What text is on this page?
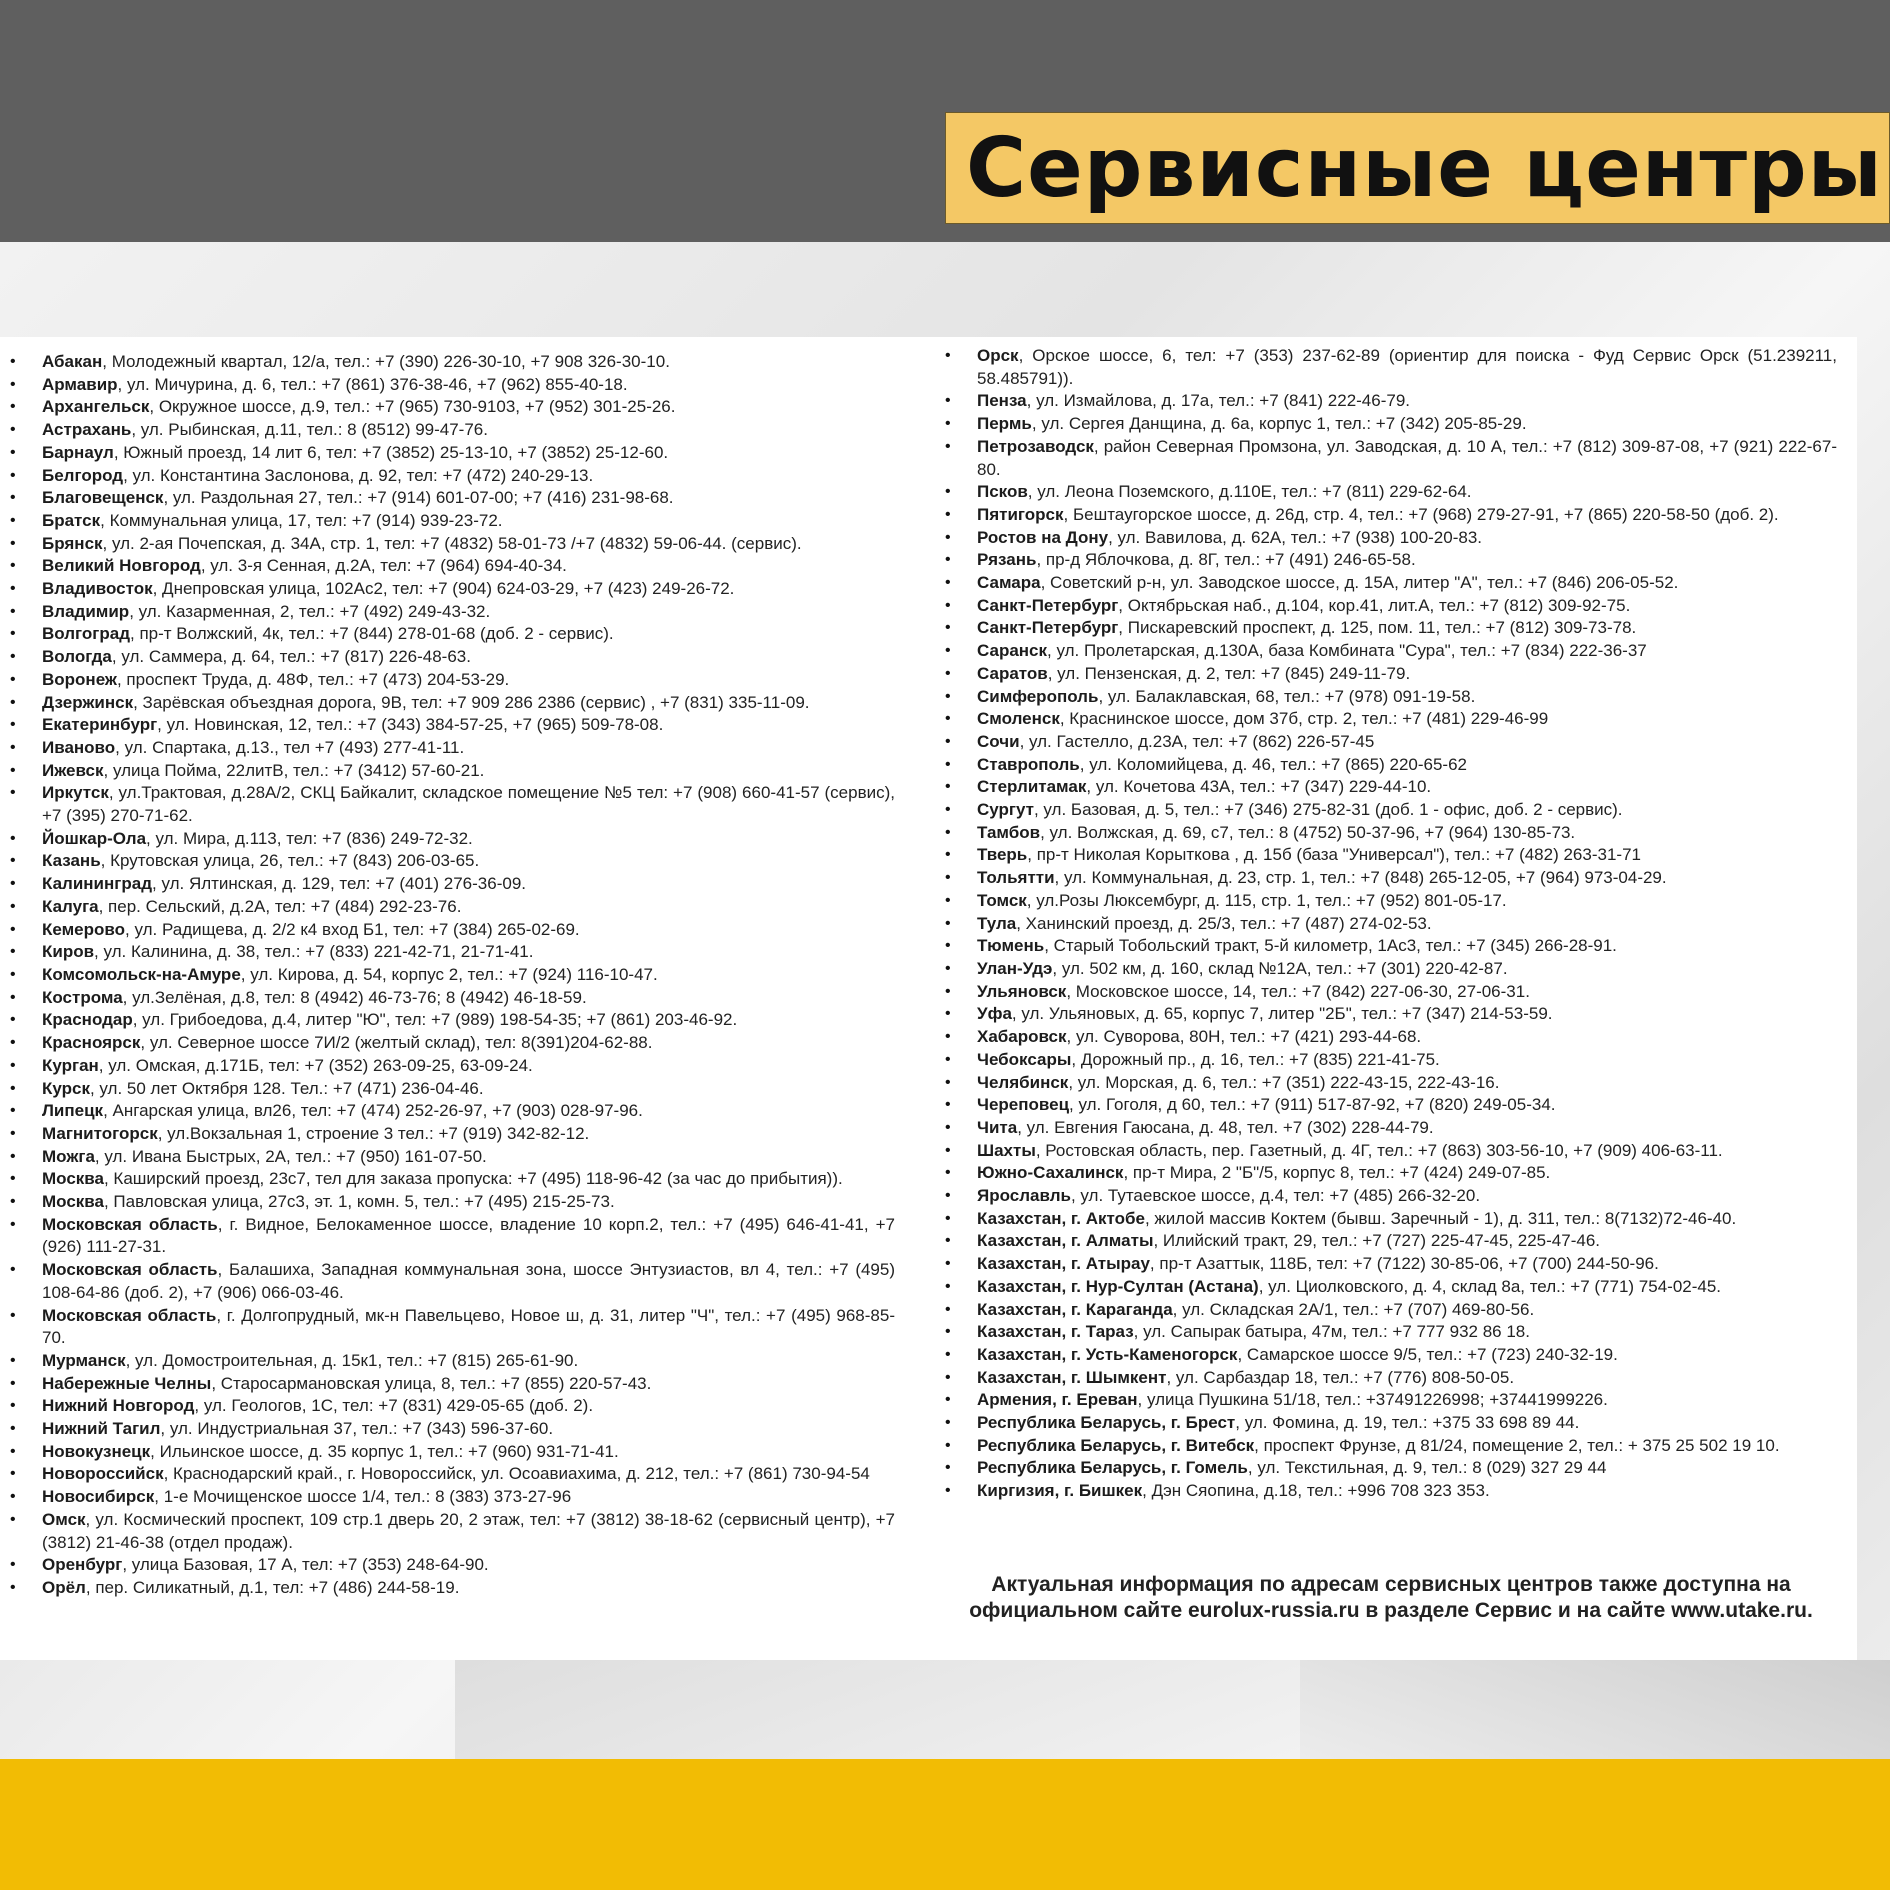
Сервисные центры
• Абакан, Молодежный квартал, 12/а, тел.: +7 (390) 226-30-10, +7 908 326-30-10.
• Армавир, ул. Мичурина, д. 6, тел.: +7 (861) 376-38-46, +7 (962) 855-40-18.
• Архангельск, Окружное шоссе, д.9, тел.: +7 (965) 730-9103, +7 (952) 301-25-26.
• Астрахань, ул. Рыбинская, д.11, тел.: 8 (8512) 99-47-76.
• Барнаул, Южный проезд, 14 лит 6, тел: +7 (3852) 25-13-10, +7 (3852) 25-12-60.
• Белгород, ул. Константина Заслонова, д. 92, тел: +7 (472) 240-29-13.
• Благовещенск, ул. Раздольная 27, тел.: +7 (914) 601-07-00; +7 (416) 231-98-68.
• Братск, Коммунальная улица, 17, тел: +7 (914) 939-23-72.
• Брянск, ул. 2-ая Почепская, д. 34А, стр. 1, тел: +7 (4832) 58-01-73 /+7 (4832) 59-06-44. (сервис).
• Великий Новгород, ул. 3-я Сенная, д.2А, тел: +7 (964) 694-40-34.
• Владивосток, Днепровская улица, 102Ас2, тел: +7 (904) 624-03-29, +7 (423) 249-26-72.
• Владимир, ул. Казарменная, 2, тел.: +7 (492) 249-43-32.
• Волгоград, пр-т Волжский, 4к, тел.: +7 (844) 278-01-68 (доб. 2 - сервис).
• Вологда, ул. Саммера, д. 64, тел.: +7 (817) 226-48-63.
• Воронеж, проспект Труда, д. 48Ф, тел.: +7 (473) 204-53-29.
• Дзержинск, Зарёвская объездная дорога, 9В, тел: +7 909 286 2386 (сервис) , +7 (831) 335-11-09.
• Екатеринбург, ул. Новинская, 12, тел.: +7 (343) 384-57-25, +7 (965) 509-78-08.
• Иваново, ул. Спартака, д.13., тел +7 (493) 277-41-11.
• Ижевск, улица Пойма, 22литВ, тел.: +7 (3412) 57-60-21.
• Иркутск, ул.Трактовая, д.28А/2, СКЦ Байкалит, складское помещение №5 тел: +7 (908) 660-41-57 (сервис), +7 (395) 270-71-62.
• Йошкар-Ола, ул. Мира, д.113, тел: +7 (836) 249-72-32.
• Казань, Крутовская улица, 26, тел.: +7 (843) 206-03-65.
• Калининград, ул. Ялтинская, д. 129, тел: +7 (401) 276-36-09.
• Калуга, пер. Сельский, д.2А, тел: +7 (484) 292-23-76.
• Кемерово, ул. Радищева, д. 2/2 к4 вход Б1, тел: +7 (384) 265-02-69.
• Киров, ул. Калинина, д. 38, тел.: +7 (833) 221-42-71, 21-71-41.
• Комсомольск-на-Амуре, ул. Кирова, д. 54, корпус 2, тел.: +7 (924) 116-10-47.
• Кострома, ул.Зелёная, д.8, тел: 8 (4942) 46-73-76; 8 (4942) 46-18-59.
• Краснодар, ул. Грибоедова, д.4, литер "Ю", тел: +7 (989) 198-54-35; +7 (861) 203-46-92.
• Красноярск, ул. Северное шоссе 7И/2 (желтый склад), тел: 8(391)204-62-88.
• Курган, ул. Омская, д.171Б, тел: +7 (352) 263-09-25, 63-09-24.
• Курск, ул. 50 лет Октября 128. Тел.: +7 (471) 236-04-46.
• Липецк, Ангарская улица, вл26, тел: +7 (474) 252-26-97, +7 (903) 028-97-96.
• Магнитогорск, ул.Вокзальная 1, строение 3 тел.: +7 (919) 342-82-12.
• Можга, ул. Ивана Быстрых, 2А, тел.: +7 (950) 161-07-50.
• Москва, Каширский проезд, 23с7, тел для заказа пропуска: +7 (495) 118-96-42 (за час до прибытия)).
• Москва, Павловская улица, 27с3, эт. 1, комн. 5, тел.: +7 (495) 215-25-73.
• Московская область, г. Видное, Белокаменное шоссе, владение 10 корп.2, тел.: +7 (495) 646-41-41, +7 (926) 111-27-31.
• Московская область, Балашиха, Западная коммунальная зона, шоссе Энтузиастов, вл 4, тел.: +7 (495) 108-64-86 (доб. 2), +7 (906) 066-03-46.
• Московская область, г. Долгопрудный, мк-н Павельцево, Новое ш, д. 31, литер "Ч", тел.: +7 (495) 968-85-70.
• Мурманск, ул. Домостроительная, д. 15к1, тел.: +7 (815) 265-61-90.
• Набережные Челны, Старосармановская улица, 8, тел.: +7 (855) 220-57-43.
• Нижний Новгород, ул. Геологов, 1С, тел: +7 (831) 429-05-65 (доб. 2).
• Нижний Тагил, ул. Индустриальная 37, тел.: +7 (343) 596-37-60.
• Новокузнецк, Ильинское шоссе, д. 35 корпус 1, тел.: +7 (960) 931-71-41.
• Новороссийск, Краснодарский край., г. Новороссийск, ул. Осоавиахима, д. 212, тел.: +7 (861) 730-94-54
• Новосибирск, 1-е Мочищенское шоссе 1/4, тел.: 8 (383) 373-27-96
• Омск, ул. Космический проспект, 109 стр.1 дверь 20, 2 этаж, тел: +7 (3812) 38-18-62 (сервисный центр), +7 (3812) 21-46-38 (отдел продаж).
• Оренбург, улица Базовая, 17 А, тел: +7 (353) 248-64-90.
• Орёл, пер. Силикатный, д.1, тел: +7 (486) 244-58-19.
• Орск, Орское шоссе, 6, тел: +7 (353) 237-62-89 (ориентир для поиска - Фуд Сервис Орск (51.239211, 58.485791)).
• Пенза, ул. Измайлова, д. 17а, тел.: +7 (841) 222-46-79.
• Пермь, ул. Сергея Данщина, д. 6а, корпус 1, тел.: +7 (342) 205-85-29.
• Петрозаводск, район Северная Промзона, ул. Заводская, д. 10 А, тел.: +7 (812) 309-87-08, +7 (921) 222-67-80.
• Псков, ул. Леона Поземского, д.110Е, тел.: +7 (811) 229-62-64.
• Пятигорск, Бештаугорское шоссе, д. 26д, стр. 4, тел.: +7 (968) 279-27-91, +7 (865) 220-58-50 (доб. 2).
• Ростов на Дону, ул. Вавилова, д. 62А, тел.: +7 (938) 100-20-83.
• Рязань, пр-д Яблочкова, д. 8Г, тел.: +7 (491) 246-65-58.
• Самара, Советский р-н, ул. Заводское шоссе, д. 15А, литер "А", тел.: +7 (846) 206-05-52.
• Санкт-Петербург, Октябрьская наб., д.104, кор.41, лит.А, тел.: +7 (812) 309-92-75.
• Санкт-Петербург, Пискаревский проспект, д. 125, пом. 11, тел.: +7 (812) 309-73-78.
• Саранск, ул. Пролетарская, д.130А, база Комбината "Сура", тел.: +7 (834) 222-36-37
• Саратов, ул. Пензенская, д. 2, тел: +7 (845) 249-11-79.
• Симферополь, ул. Балаклавская, 68, тел.: +7 (978) 091-19-58.
• Смоленск, Краснинское шоссе, дом 37б, стр. 2, тел.: +7 (481) 229-46-99
• Сочи, ул. Гастелло, д.23А, тел: +7 (862) 226-57-45
• Ставрополь, ул. Коломийцева, д. 46, тел.: +7 (865) 220-65-62
• Стерлитамак, ул. Кочетова 43А, тел.: +7 (347) 229-44-10.
• Сургут, ул. Базовая, д. 5, тел.: +7 (346) 275-82-31 (доб. 1 - офис, доб. 2 - сервис).
• Тамбов, ул. Волжская, д. 69, с7, тел.: 8 (4752) 50-37-96, +7 (964) 130-85-73.
• Тверь, пр-т Николая Корыткова , д. 15б (база "Универсал"), тел.: +7 (482) 263-31-71
• Тольятти, ул. Коммунальная, д. 23, стр. 1, тел.: +7 (848) 265-12-05, +7 (964) 973-04-29.
• Томск, ул.Розы Люксембург, д. 115, стр. 1, тел.: +7 (952) 801-05-17.
• Тула, Ханинский проезд, д. 25/3, тел.: +7 (487) 274-02-53.
• Тюмень, Старый Тобольский тракт, 5-й километр, 1Ас3, тел.: +7 (345) 266-28-91.
• Улан-Удэ, ул. 502 км, д. 160, склад №12А, тел.: +7 (301) 220-42-87.
• Ульяновск, Московское шоссе, 14, тел.: +7 (842) 227-06-30, 27-06-31.
• Уфа, ул. Ульяновых, д. 65, корпус 7, литер "2Б", тел.: +7 (347) 214-53-59.
• Хабаровск, ул. Суворова, 80Н, тел.: +7 (421) 293-44-68.
• Чебоксары, Дорожный пр., д. 16, тел.: +7 (835) 221-41-75.
• Челябинск, ул. Морская, д. 6, тел.: +7 (351) 222-43-15, 222-43-16.
• Череповец, ул. Гоголя, д 60, тел.: +7 (911) 517-87-92, +7 (820) 249-05-34.
• Чита, ул. Евгения Гаюсана, д. 48, тел. +7 (302) 228-44-79.
• Шахты, Ростовская область, пер. Газетный, д. 4Г, тел.: +7 (863) 303-56-10, +7 (909) 406-63-11.
• Южно-Сахалинск, пр-т Мира, 2 "Б"/5, корпус 8, тел.: +7 (424) 249-07-85.
• Ярославль, ул. Тутаевское шоссе, д.4, тел: +7 (485) 266-32-20.
• Казахстан, г. Актобе, жилой массив Коктем (бывш. Заречный - 1), д. 311, тел.: 8(7132)72-46-40.
• Казахстан, г. Алматы, Илийский тракт, 29, тел.: +7 (727) 225-47-45, 225-47-46.
• Казахстан, г. Атырау, пр-т Азаттык, 118Б, тел: +7 (7122) 30-85-06, +7 (700) 244-50-96.
• Казахстан, г. Нур-Султан (Астана), ул. Циолковского, д. 4, склад 8а, тел.: +7 (771) 754-02-45.
• Казахстан, г. Караганда, ул. Складская 2А/1, тел.: +7 (707) 469-80-56.
• Казахстан, г. Тараз, ул. Сапырак батыра, 47м, тел.: +7 777 932 86 18.
• Казахстан, г. Усть-Каменогорск, Самарское шоссе 9/5, тел.: +7 (723) 240-32-19.
• Казахстан, г. Шымкент, ул. Сарбаздар 18, тел.: +7 (776) 808-50-05.
• Армения, г. Ереван, улица Пушкина 51/18, тел.: +37491226998; +37441999226.
• Республика Беларусь, г. Брест, ул. Фомина, д. 19, тел.: +375 33 698 89 44.
• Республика Беларусь, г. Витебск, проспект Фрунзе, д 81/24, помещение 2, тел.: + 375 25 502 19 10.
• Республика Беларусь, г. Гомель, ул. Текстильная, д. 9, тел.: 8 (029) 327 29 44
• Киргизия, г. Бишкек, Дэн Сяопина, д.18, тел.: +996 708 323 353.
Актуальная информация по адресам сервисных центров также доступна на официальном сайте eurolux-russia.ru в разделе Сервис и на сайте www.utake.ru.
